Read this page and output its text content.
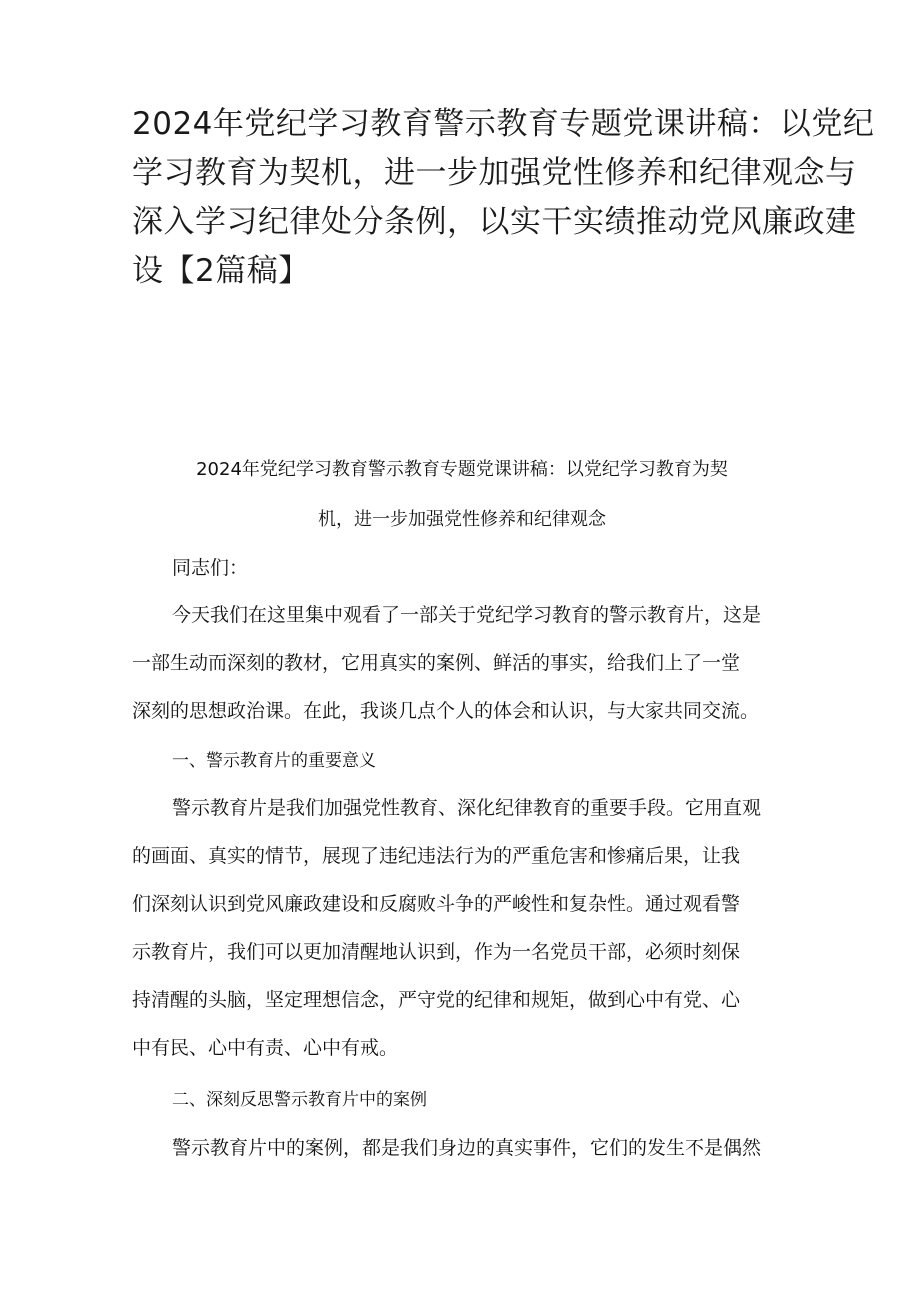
2024年党纪学习教育警示教育专题党课讲稿：以党纪
学习教育为契机，进一步加强党性修养和纪律观念与
深入学习纪律处分条例，以实干实绩推动党风廉政建
设【2篇稿】

2024年党纪学习教育警示教育专题党课讲稿：以党纪学习教育为契

机，进一步加强党性修养和纪律观念

同志们：

今天我们在这里集中观看了一部关于党纪学习教育的警示教育片，这是

一部生动而深刻的教材，它用真实的案例、鲜活的事实，给我们上了一堂

深刻的思想政治课。在此，我谈几点个人的体会和认识，与大家共同交流。

一、警示教育片的重要意义

警示教育片是我们加强党性教育、深化纪律教育的重要手段。它用直观

的画面、真实的情节，展现了违纪违法行为的严重危害和惨痛后果，让我

们深刻认识到党风廉政建设和反腐败斗争的严峻性和复杂性。通过观看警

示教育片，我们可以更加清醒地认识到，作为一名党员干部，必须时刻保

持清醒的头脑，坚定理想信念，严守党的纪律和规矩，做到心中有党、心

中有民、心中有责、心中有戒。

二、深刻反思警示教育片中的案例

警示教育片中的案例，都是我们身边的真实事件，它们的发生不是偶然
